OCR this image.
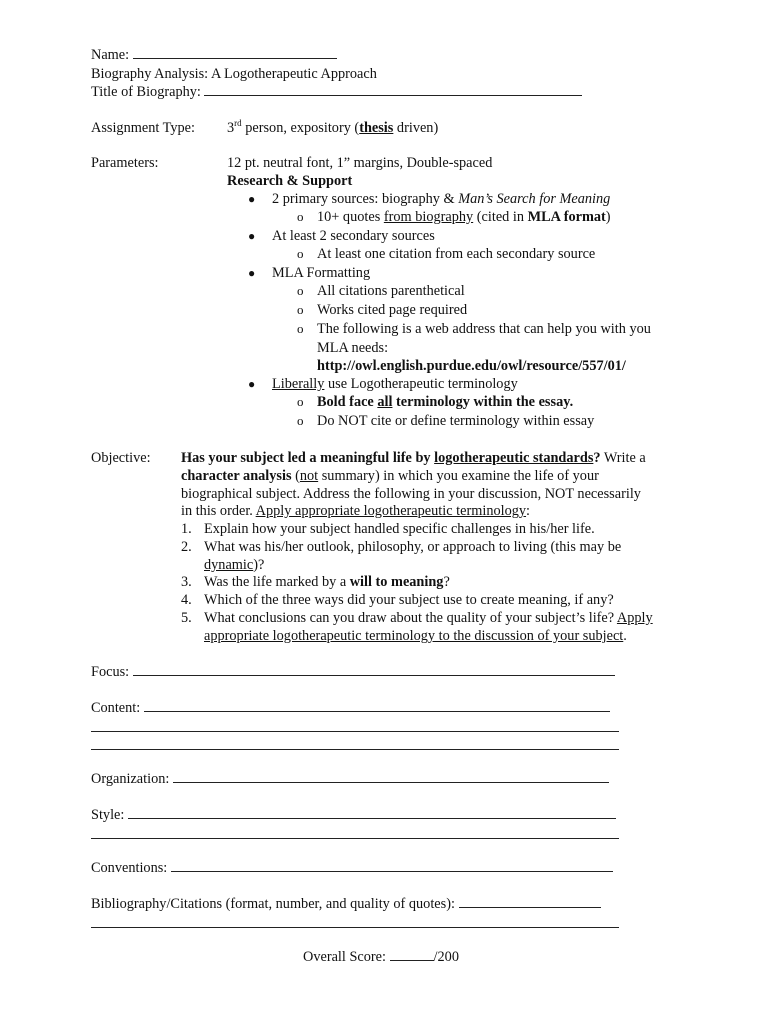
Name:
Biography Analysis: A Logotherapeutic Approach
Title of Biography:
Assignment Type: 3rd person, expository (thesis driven)
Parameters:	12 pt. neutral font, 1” margins, Double-spaced
Research & Support
● 2 primary sources: biography & Man’s Search for Meaning
o 10+ quotes from biography (cited in MLA format)
● At least 2 secondary sources
o At least one citation from each secondary source
● MLA Formatting
o All citations parenthetical
o Works cited page required
o The following is a web address that can help you with you
MLA needs:
http://owl.english.purdue.edu/owl/resource/557/01/
● Liberally use Logotherapeutic terminology
o Bold face all terminology within the essay.
o Do NOT cite or define terminology within essay
Objective: Has your subject led a meaningful life by logotherapeutic standards? Write a
character analysis (not summary) in which you examine the life of your
biographical subject. Address the following in your discussion, NOT necessarily
in this order. Apply appropriate logotherapeutic terminology:
1. Explain how your subject handled specific challenges in his/her life.
2. What was his/her outlook, philosophy, or approach to living (this may be
dynamic)?
3. Was the life marked by a will to meaning?
4. Which of the three ways did your subject use to create meaning, if any?
5. What conclusions can you draw about the quality of your subject’s life? Apply
appropriate logotherapeutic terminology to the discussion of your subject.
Focus:
Content:
Organization:
Style:
Conventions:
Bibliography/Citations (format, number, and quality of quotes):
Overall Score:	/200
